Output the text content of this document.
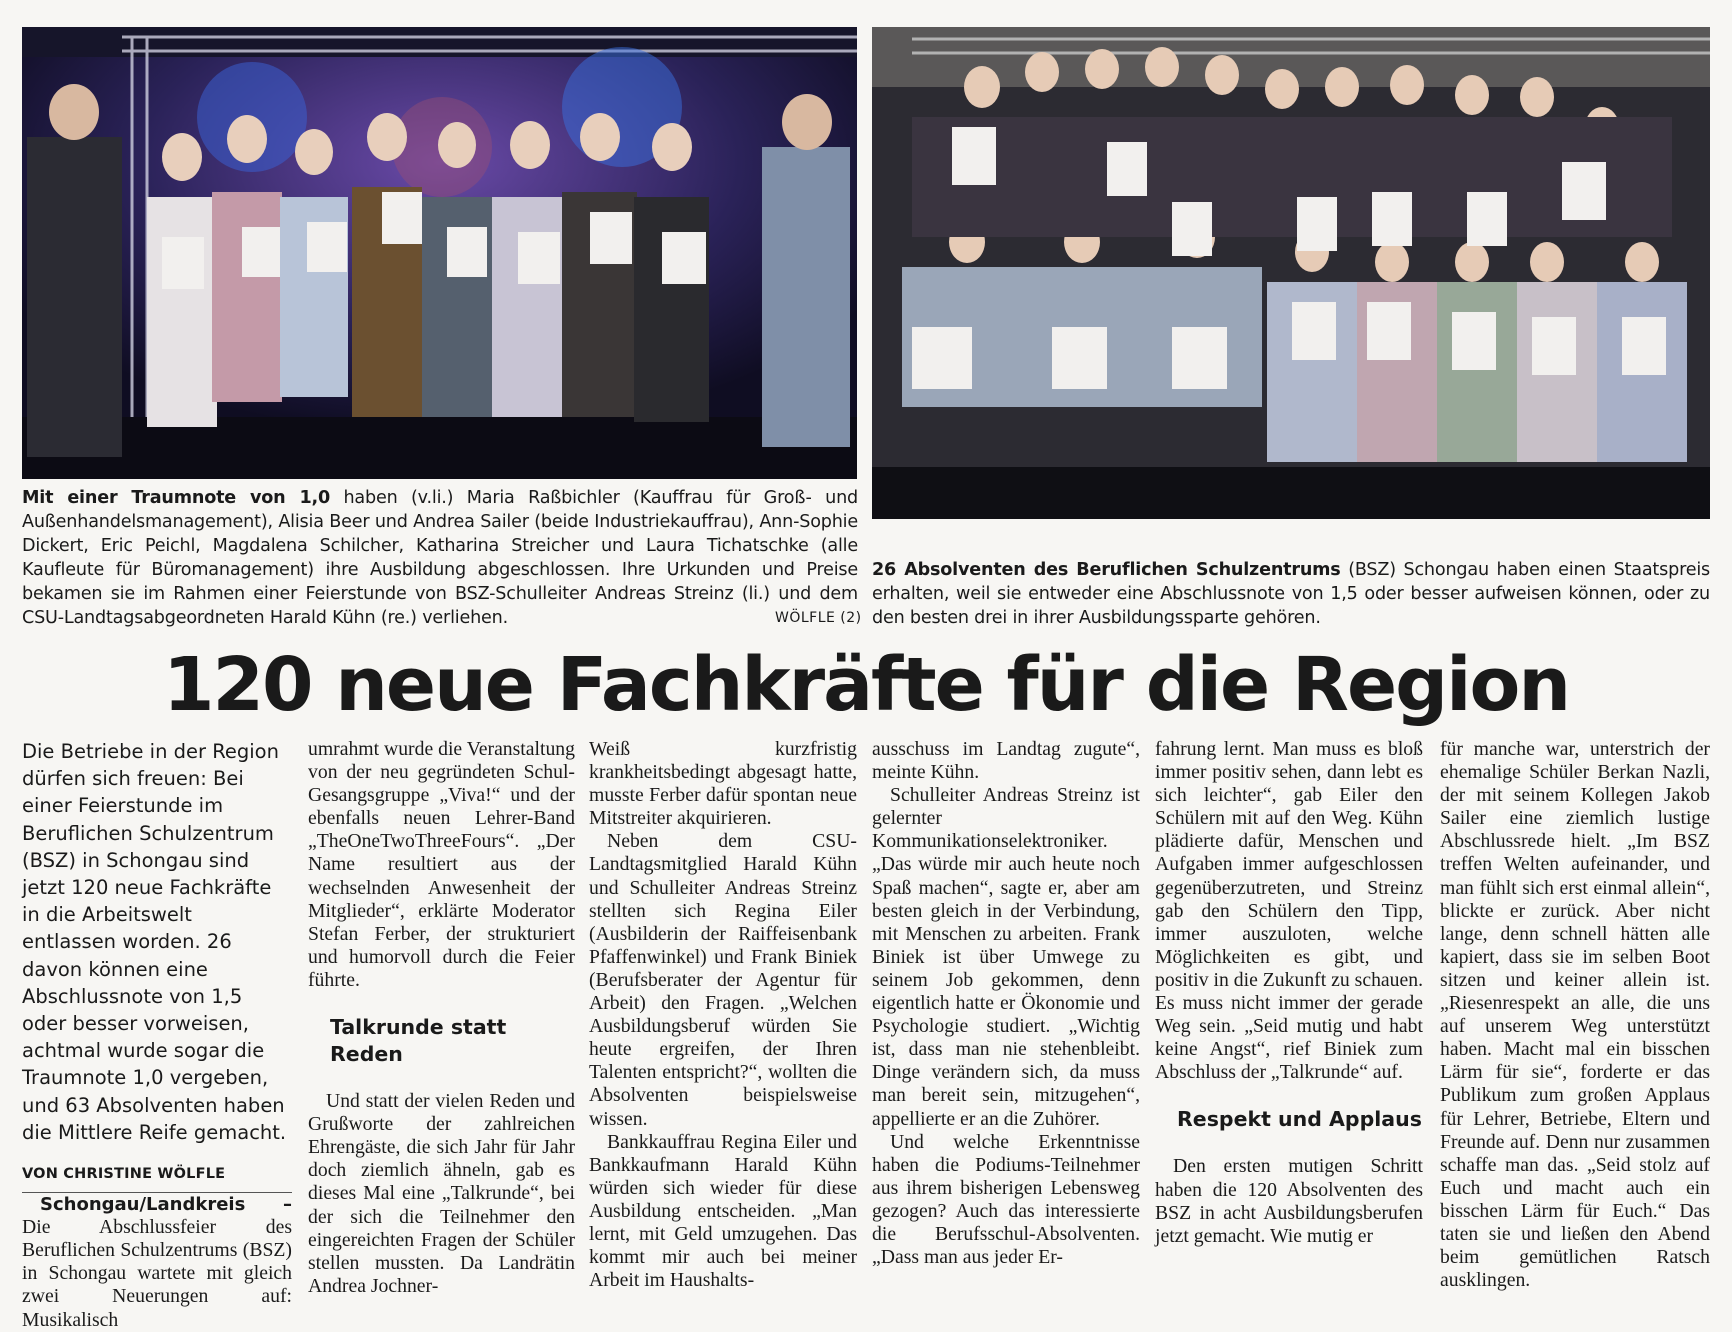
Mit einer Traumnote von 1,0 haben (v.li.) Maria Raßbichler (Kauffrau für Groß- und Außenhandelsmanagement), Alisia Beer und Andrea Sailer (beide Industriekauffrau), Ann-Sophie Dickert, Eric Peichl, Magdalena Schilcher, Katharina Streicher und Laura Tichatschke (alle Kaufleute für Büromanagement) ihre Ausbildung abgeschlossen. Ihre Urkunden und Preise bekamen sie im Rahmen einer Feierstunde von BSZ-Schulleiter Andreas Streinz (li.) und dem CSU-Landtagsabgeordneten Harald Kühn (re.) verliehen.	WÖLFLE (2)

26 Absolventen des Beruflichen Schulzentrums (BSZ) Schongau haben einen Staatspreis erhalten, weil sie entweder eine Abschlussnote von 1,5 oder besser aufweisen können, oder zu den besten drei in ihrer Ausbildungssparte gehören.

120 neue Fachkräfte für die Region

Die Betriebe in der Region dürfen sich freuen: Bei einer Feierstunde im Beruflichen Schulzentrum (BSZ) in Schongau sind jetzt 120 neue Fachkräfte in die Arbeitswelt entlassen worden. 26 davon können eine Abschlussnote von 1,5 oder besser vorweisen, achtmal wurde sogar die Traumnote 1,0 vergeben, und 63 Absolventen haben die Mittlere Reife gemacht.

VON CHRISTINE WÖLFLE

Schongau/Landkreis – Die Abschlussfeier des Beruflichen Schulzentrums (BSZ) in Schongau wartete mit gleich zwei Neuerungen auf: Musikalisch

umrahmt wurde die Veranstaltung von der neu gegründeten Schul-Gesangsgruppe „Viva!“ und der ebenfalls neuen Lehrer-Band „TheOneTwoThreeFours“. „Der Name resultiert aus der wechselnden Anwesenheit der Mitglieder“, erklärte Moderator Stefan Ferber, der strukturiert und humorvoll durch die Feier führte.

Talkrunde statt Reden

Und statt der vielen Reden und Grußworte der zahlreichen Ehrengäste, die sich Jahr für Jahr doch ziemlich ähneln, gab es dieses Mal eine „Talkrunde“, bei der sich die Teilnehmer den eingereichten Fragen der Schüler stellen mussten. Da Landrätin Andrea Jochner-

Weiß kurzfristig krankheitsbedingt abgesagt hatte, musste Ferber dafür spontan neue Mitstreiter akquirieren.

Neben dem CSU-Landtagsmitglied Harald Kühn und Schulleiter Andreas Streinz stellten sich Regina Eiler (Ausbilderin der Raiffeisenbank Pfaffenwinkel) und Frank Biniek (Berufsberater der Agentur für Arbeit) den Fragen. „Welchen Ausbildungsberuf würden Sie heute ergreifen, der Ihren Talenten entspricht?“, wollten die Absolventen beispielsweise wissen.

Bankkauffrau Regina Eiler und Bankkaufmann Harald Kühn würden sich wieder für diese Ausbildung entscheiden. „Man lernt, mit Geld umzugehen. Das kommt mir auch bei meiner Arbeit im Haushalts-

ausschuss im Landtag zugute“, meinte Kühn.

Schulleiter Andreas Streinz ist gelernter Kommunikationselektroniker. „Das würde mir auch heute noch Spaß machen“, sagte er, aber am besten gleich in der Verbindung, mit Menschen zu arbeiten. Frank Biniek ist über Umwege zu seinem Job gekommen, denn eigentlich hatte er Ökonomie und Psychologie studiert. „Wichtig ist, dass man nie stehenbleibt. Dinge verändern sich, da muss man bereit sein, mitzugehen“, appellierte er an die Zuhörer.

Und welche Erkenntnisse haben die Podiums-Teilnehmer aus ihrem bisherigen Lebensweg gezogen? Auch das interessierte die Berufsschul-Absolventen. „Dass man aus jeder Er-

fahrung lernt. Man muss es bloß immer positiv sehen, dann lebt es sich leichter“, gab Eiler den Schülern mit auf den Weg. Kühn plädierte dafür, Menschen und Aufgaben immer aufgeschlossen gegenüberzutreten, und Streinz gab den Schülern den Tipp, immer auszuloten, welche Möglichkeiten es gibt, und positiv in die Zukunft zu schauen. Es muss nicht immer der gerade Weg sein. „Seid mutig und habt keine Angst“, rief Biniek zum Abschluss der „Talkrunde“ auf.

Respekt und Applaus

Den ersten mutigen Schritt haben die 120 Absolventen des BSZ in acht Ausbildungsberufen jetzt gemacht. Wie mutig er

für manche war, unterstrich der ehemalige Schüler Berkan Nazli, der mit seinem Kollegen Jakob Sailer eine ziemlich lustige Abschlussrede hielt. „Im BSZ treffen Welten aufeinander, und man fühlt sich erst einmal allein“, blickte er zurück. Aber nicht lange, denn schnell hätten alle kapiert, dass sie im selben Boot sitzen und keiner allein ist. „Riesenrespekt an alle, die uns auf unserem Weg unterstützt haben. Macht mal ein bisschen Lärm für sie“, forderte er das Publikum zum großen Applaus für Lehrer, Betriebe, Eltern und Freunde auf. Denn nur zusammen schaffe man das. „Seid stolz auf Euch und macht auch ein bisschen Lärm für Euch.“ Das taten sie und ließen den Abend beim gemütlichen Ratsch ausklingen.
